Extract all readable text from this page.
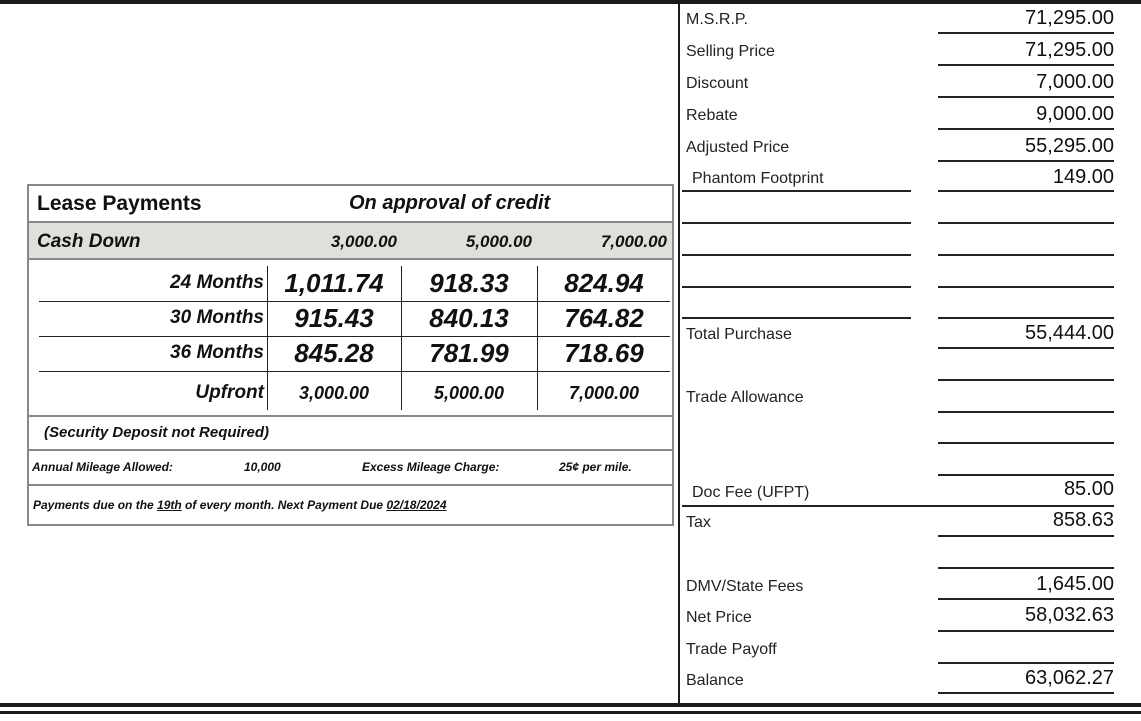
Lease Payments	On approval of credit
Cash Down	3,000.00	5,000.00	7,000.00
24 Months 1,011.74	918.33	824.94
30 Months	915.43	840.13	764.82
36 Months	845.28	781.99	718.69
Upfront	3,000.00	5,000.00	7,000.00
(Security Deposit not Required)
Annual Mileage Allowed:	10,000	Excess Mileage Charge:	25¢ per mile.
Payments due on the 19th of every month. Next Payment Due 02/18/2024
M.S.R.P.	71,295.00
Selling Price	71,295.00
Discount	7,000.00
Rebate	9,000.00
Adjusted Price	55,295.00
Phantom Footprint	149.00
Total Purchase	55,444.00
Trade Allowance
Doc Fee (UFPT)	85.00
Tax	858.63
DMV/State Fees	1,645.00
Net Price	58,032.63
Trade Payoff
Balance	63,062.27
